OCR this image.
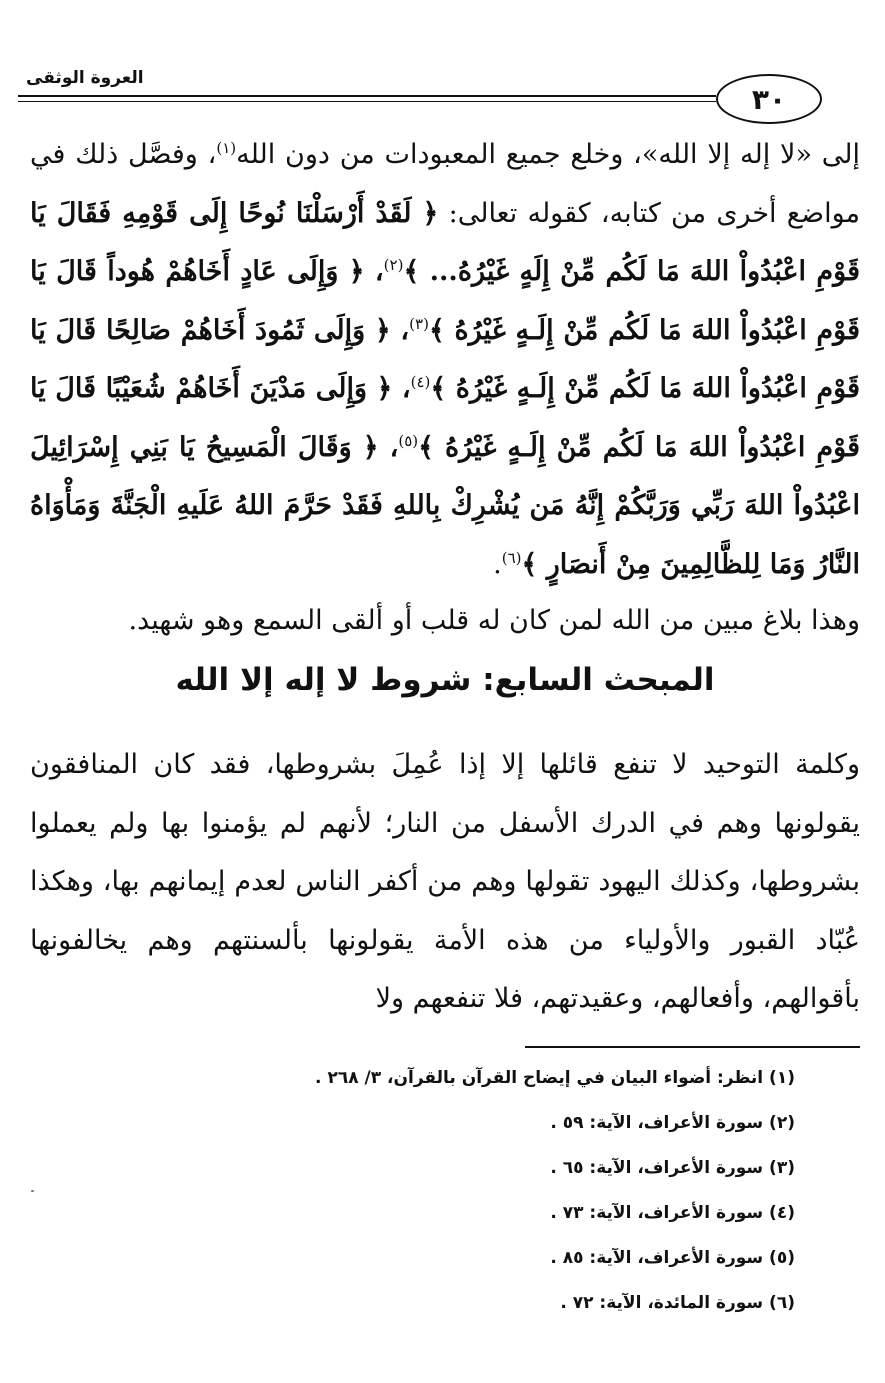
العروة الوثقى
٣٠
إلى «لا إله إلا الله»، وخلع جميع المعبودات من دون الله$^{(١)}$، وفصَّل ذلك في مواضع أخرى من كتابه، كقوله تعالى: ﴿ لَقَدْ أَرْسَلْنَا نُوحًا إِلَى قَوْمِهِ فَقَالَ يَا قَوْمِ اعْبُدُواْ اللهَ مَا لَكُم مِّنْ إِلَهٍ غَيْرُهُ... ﴾$^{(٢)}$، ﴿ وَإِلَى عَادٍ أَخَاهُمْ هُوداً قَالَ يَا قَوْمِ اعْبُدُواْ اللهَ مَا لَكُم مِّنْ إِلَـهٍ غَيْرُهُ ﴾$^{(٣)}$، ﴿ وَإِلَى ثَمُودَ أَخَاهُمْ صَالِحًا قَالَ يَا قَوْمِ اعْبُدُواْ اللهَ مَا لَكُم مِّنْ إِلَـهٍ غَيْرُهُ ﴾$^{(٤)}$، ﴿ وَإِلَى مَدْيَنَ أَخَاهُمْ شُعَيْبًا قَالَ يَا قَوْمِ اعْبُدُواْ اللهَ مَا لَكُم مِّنْ إِلَـهٍ غَيْرُهُ ﴾$^{(٥)}$، ﴿ وَقَالَ الْمَسِيحُ يَا بَنِي إِسْرَائِيلَ اعْبُدُواْ اللهَ رَبِّي وَرَبَّكُمْ إِنَّهُ مَن يُشْرِكْ بِاللهِ فَقَدْ حَرَّمَ اللهُ عَلَيهِ الْجَنَّةَ وَمَأْوَاهُ النَّارُ وَمَا لِلظَّالِمِينَ مِنْ أَنصَارٍ ﴾$^{(٦)}$.
وهذا بلاغ مبين من الله لمن كان له قلب أو ألقى السمع وهو شهيد.
المبحث السابع: شروط لا إله إلا الله
وكلمة التوحيد لا تنفع قائلها إلا إذا عُمِلَ بشروطها، فقد كان المنافقون يقولونها وهم في الدرك الأسفل من النار؛ لأنهم لم يؤمنوا بها ولم يعملوا بشروطها، وكذلك اليهود تقولها وهم من أكفر الناس لعدم إيمانهم بها، وهكذا عُبّاد القبور والأولياء من هذه الأمة يقولونها بألسنتهم وهم يخالفونها بأقوالهم، وأفعالهم، وعقيدتهم، فلا تنفعهم ولا
(١) انظر: أضواء البيان في إيضاح القرآن بالقرآن، ٣/ ٢٦٨ .
(٢) سورة الأعراف، الآية: ٥٩ .
(٣) سورة الأعراف، الآية: ٦٥ .
(٤) سورة الأعراف، الآية: ٧٣ .
(٥) سورة الأعراف، الآية: ٨٥ .
(٦) سورة المائدة، الآية: ٧٢ .
